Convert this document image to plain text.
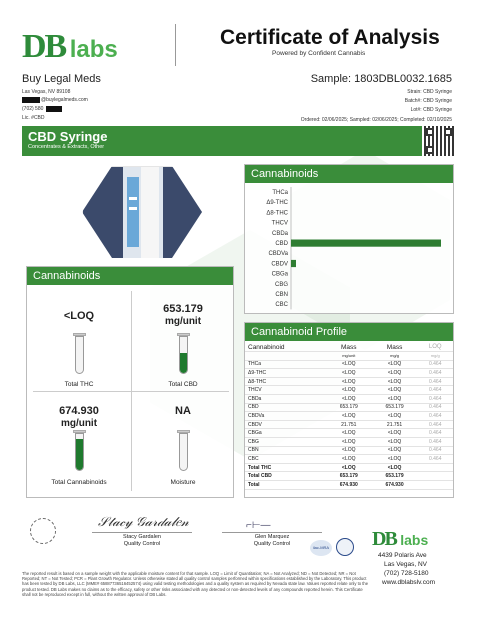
DB labs	Certificate of Analysis
Powered by Confident Cannabis
Buy Legal Meds
Las Vegas, NV 89108
@buylegalmeds.com
(702) 580
Lic. #CBD
Sample: 1803DBL0032.1685
Strain: CBD Syringe
Batch#: CBD Syringe
Lot#: CBD Syringe
Ordered: 02/06/2025; Sampled: 02/06/2025; Completed: 02/10/2025
CBD Syringe
Concentrates & Extracts, Other
Cannabinoids
THCa
Δ9-THC
Δ8-THC
THCV
CBDa
CBD
CBDVa
CBDV
CBGa
CBG
CBN
CBC
Cannabinoids
<LOQ
Total THC
653.179
mg/unit
Total CBD
674.930
mg/unit
Total Cannabinoids
NA
Moisture
Cannabinoid Profile
Cannabinoid	Mass	Mass	LOQ
	mg/unit	mg/g	mg/g
THCa	<LOQ	<LOQ	0.464
Δ9-THC	<LOQ	<LOQ	0.464
Δ8-THC	<LOQ	<LOQ	0.464
THCV	<LOQ	<LOQ	0.464
CBDa	<LOQ	<LOQ	0.464
CBD	653.179	653.179	0.464
CBDVa	<LOQ	<LOQ	0.464
CBDV	21.751	21.751	0.464
CBGa	<LOQ	<LOQ	0.464
CBG	<LOQ	<LOQ	0.464
CBN	<LOQ	<LOQ	0.464
CBC	<LOQ	<LOQ	0.464
Total THC	<LOQ	<LOQ	
Total CBD	653.179	653.179	
Total	674.930	674.930	
𝒮𝓉𝒶𝒸𝓎 𝒢𝒶𝓇𝒹𝒶𝓁𝑒𝓃
Stacy Gardalen
Quality Control
⌐⊢—
Glen Marquez
Quality Control
ilac-MRA DB labs
4439 Polaris Ave
Las Vegas, NV
(702) 728-5180
www.dblabslv.com
The reported result is based on a sample weight with the applicable moisture content for that sample. LOQ = Limit of Quantitation; NA = Not Analyzed; ND = Not Detected; NR = Not Reported; NT = Not Tested; PCR = Plant Growth Regulator. Unless otherwise stated all quality control samples performed within specifications established by the Laboratory. This product has been tested by DB Labs, LLC (MME# 65887736516452574) using valid testing methodologies and a quality system as required by Nevada state law. Values reported relate only to the product tested. DB Labs makes no claims as to the efficacy, safety or other risks associated with any detected or non-detected levels of any compounds reported herein. This Certificate shall not be reproduced except in full, without the written approval of DB Labs.
